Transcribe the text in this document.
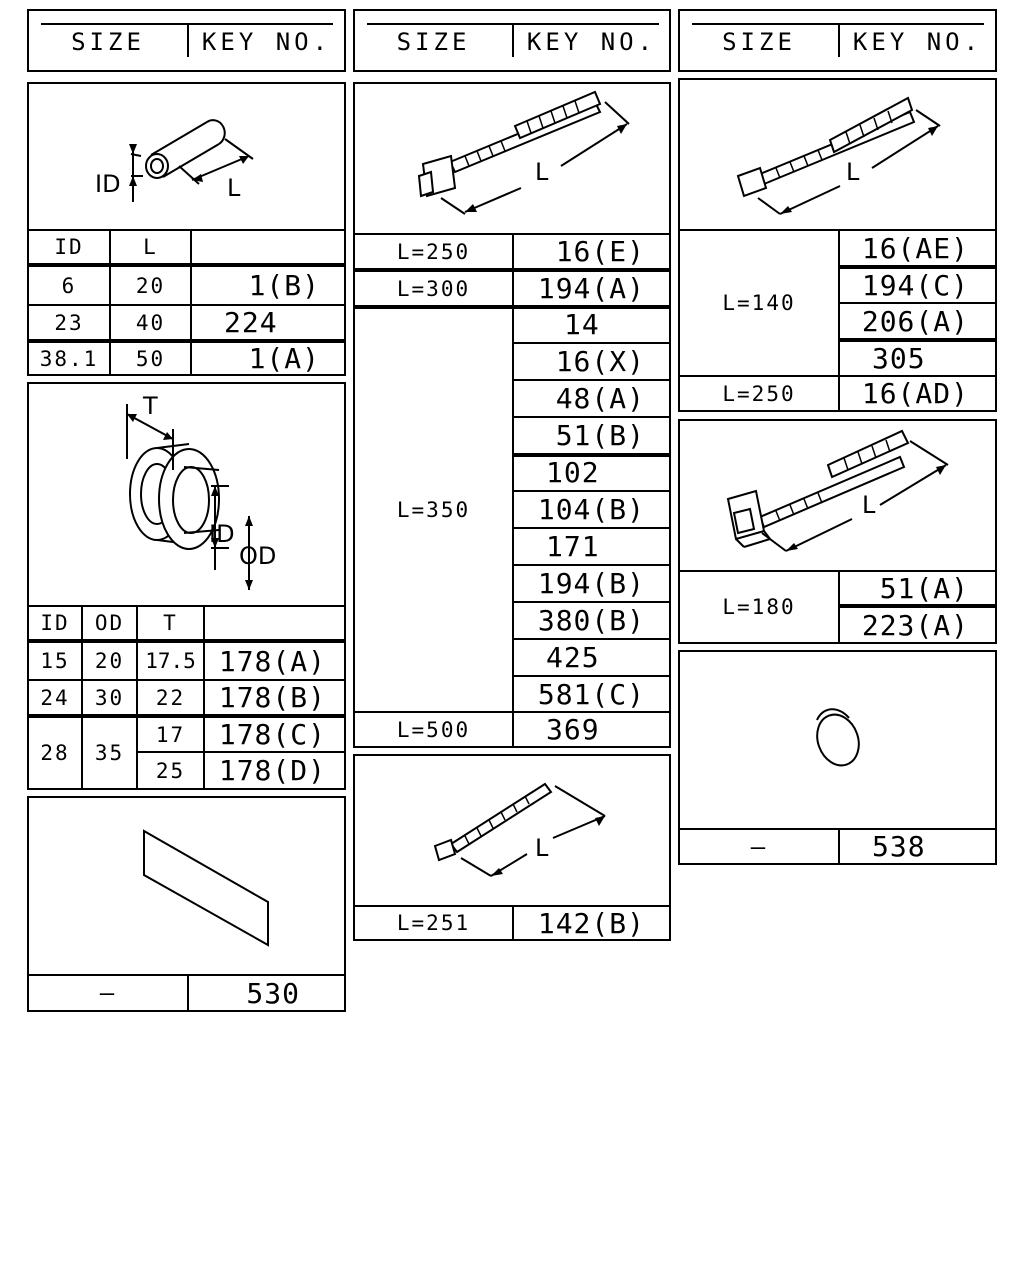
SIZE	KEY NO.	SIZE	KEY NO.	SIZE	KEY NO.
ID	L
ID	L
6	20	1(B)
23	40	224
38.1	50	1(A)
T
ID
OD
ID	OD	T
15	20	17.5 178(A)
24	30	22	178(B)
28	35
17	178(C)
25	178(D)
—	530
L
L=250	16(E)
L=300	194(A)
L=350
14
16(X)
48(A)
51(B)
102
104(B)
171
194(B)
380(B)
425
581(C)
L=500	369
L
L=251	142(B)
L
L=140
16(AE)
194(C)
206(A)
305
L=250	16(AD)
L
L=180
51(A)
223(A)
—	538
